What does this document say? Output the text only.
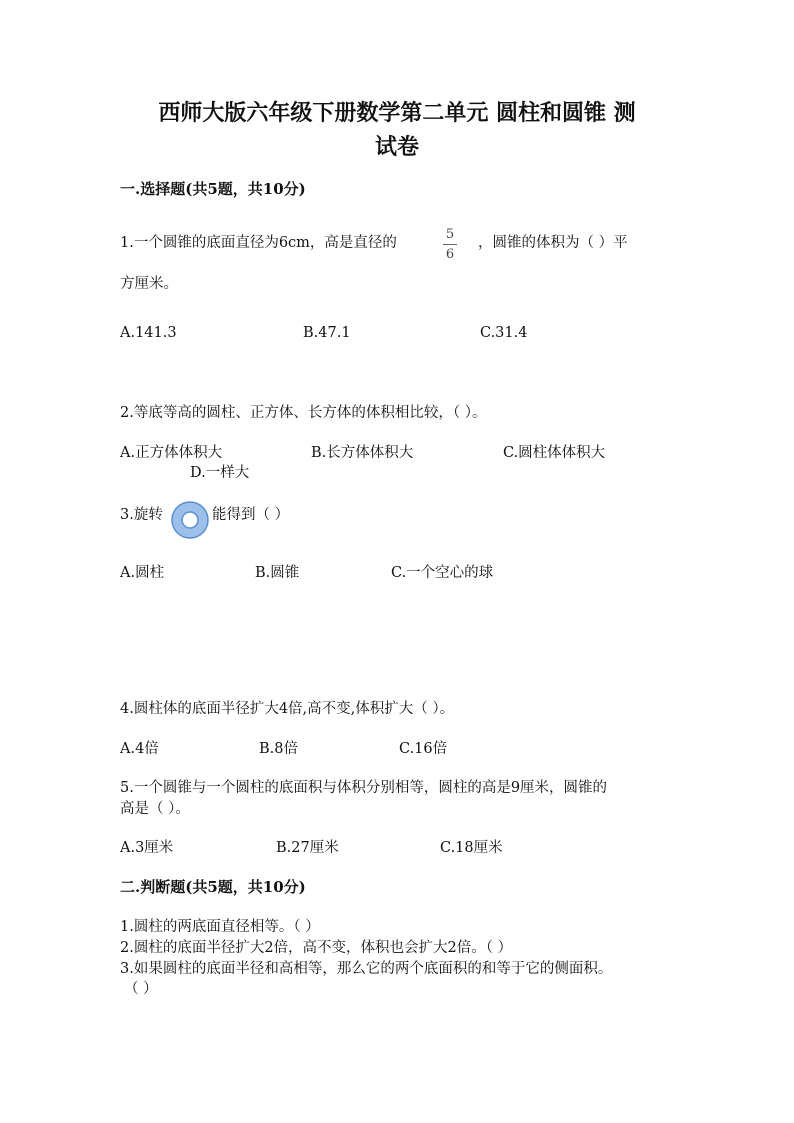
西师大版六年级下册数学第二单元 圆柱和圆锥 测
试卷
一.选择题(共5题，共10分)
1.一个圆锥的底面直径为6cm，高是直径的
5
6
，圆锥的体积为（ ）平
方厘米。
A.141.3	B.47.1	C.31.4
2.等底等高的圆柱、正方体、长方体的体积相比较，（ ）。
A.正方体体积大	B.长方体体积大	C.圆柱体体积大
D.一样大
3.旋转	能得到（ ）
A.圆柱	B.圆锥	C.一个空心的球
4.圆柱体的底面半径扩大4倍,高不变,体积扩大（ ）。
A.4倍	B.8倍	C.16倍
5.一个圆锥与一个圆柱的底面积与体积分别相等，圆柱的高是9厘米，圆锥的
高是（ ）。
A.3厘米	B.27厘米	C.18厘米
二.判断题(共5题，共10分)
1.圆柱的两底面直径相等。（ ）
2.圆柱的底面半径扩大2倍，高不变，体积也会扩大2倍。（ ）
3.如果圆柱的底面半径和高相等，那么它的两个底面积的和等于它的侧面积。
（ ）
